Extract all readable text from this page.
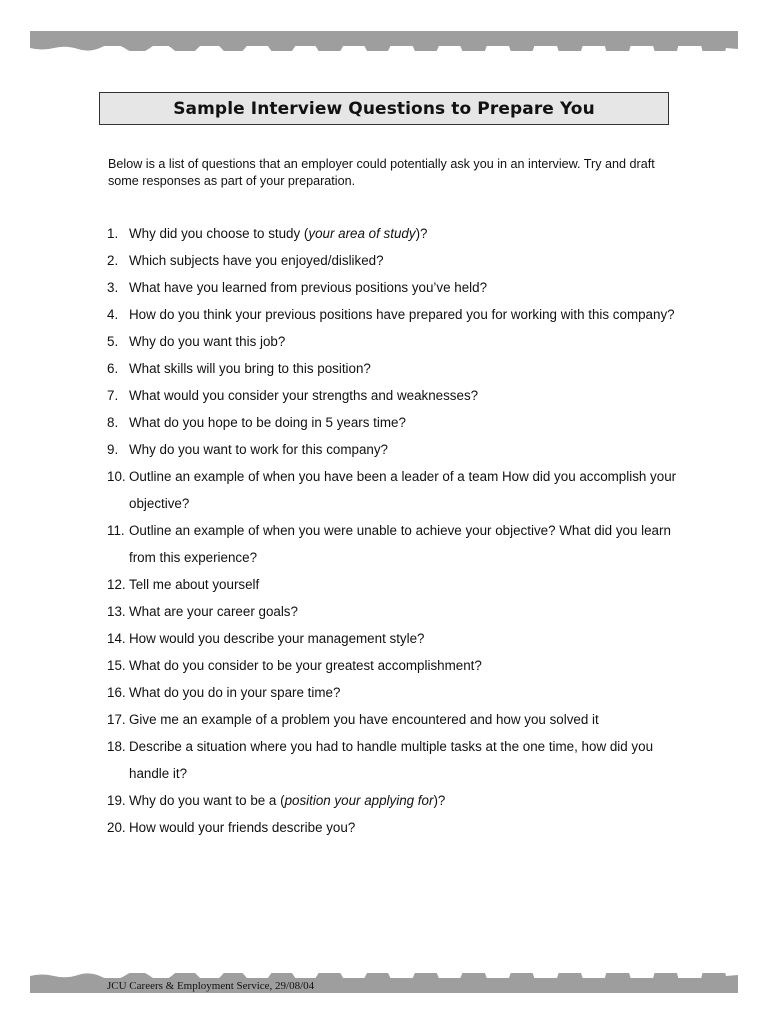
Sample Interview Questions to Prepare You
Below is a list of questions that an employer could potentially ask you in an interview. Try and draft some responses as part of your preparation.
1. Why did you choose to study (your area of study)?
2. Which subjects have you enjoyed/disliked?
3. What have you learned from previous positions you’ve held?
4. How do you think your previous positions have prepared you for working with this company?
5. Why do you want this job?
6. What skills will you bring to this position?
7. What would you consider your strengths and weaknesses?
8. What do you hope to be doing in 5 years time?
9. Why do you want to work for this company?
10. Outline an example of when you have been a leader of a team How did you accomplish your objective?
11. Outline an example of when you were unable to achieve your objective? What did you learn from this experience?
12. Tell me about yourself
13. What are your career goals?
14. How would you describe your management style?
15. What do you consider to be your greatest accomplishment?
16. What do you do in your spare time?
17. Give me an example of a problem you have encountered and how you solved it
18. Describe a situation where you had to handle multiple tasks at the one time, how did you handle it?
19. Why do you want to be a (position your applying for)?
20. How would your friends describe you?
JCU Careers & Employment Service, 29/08/04
